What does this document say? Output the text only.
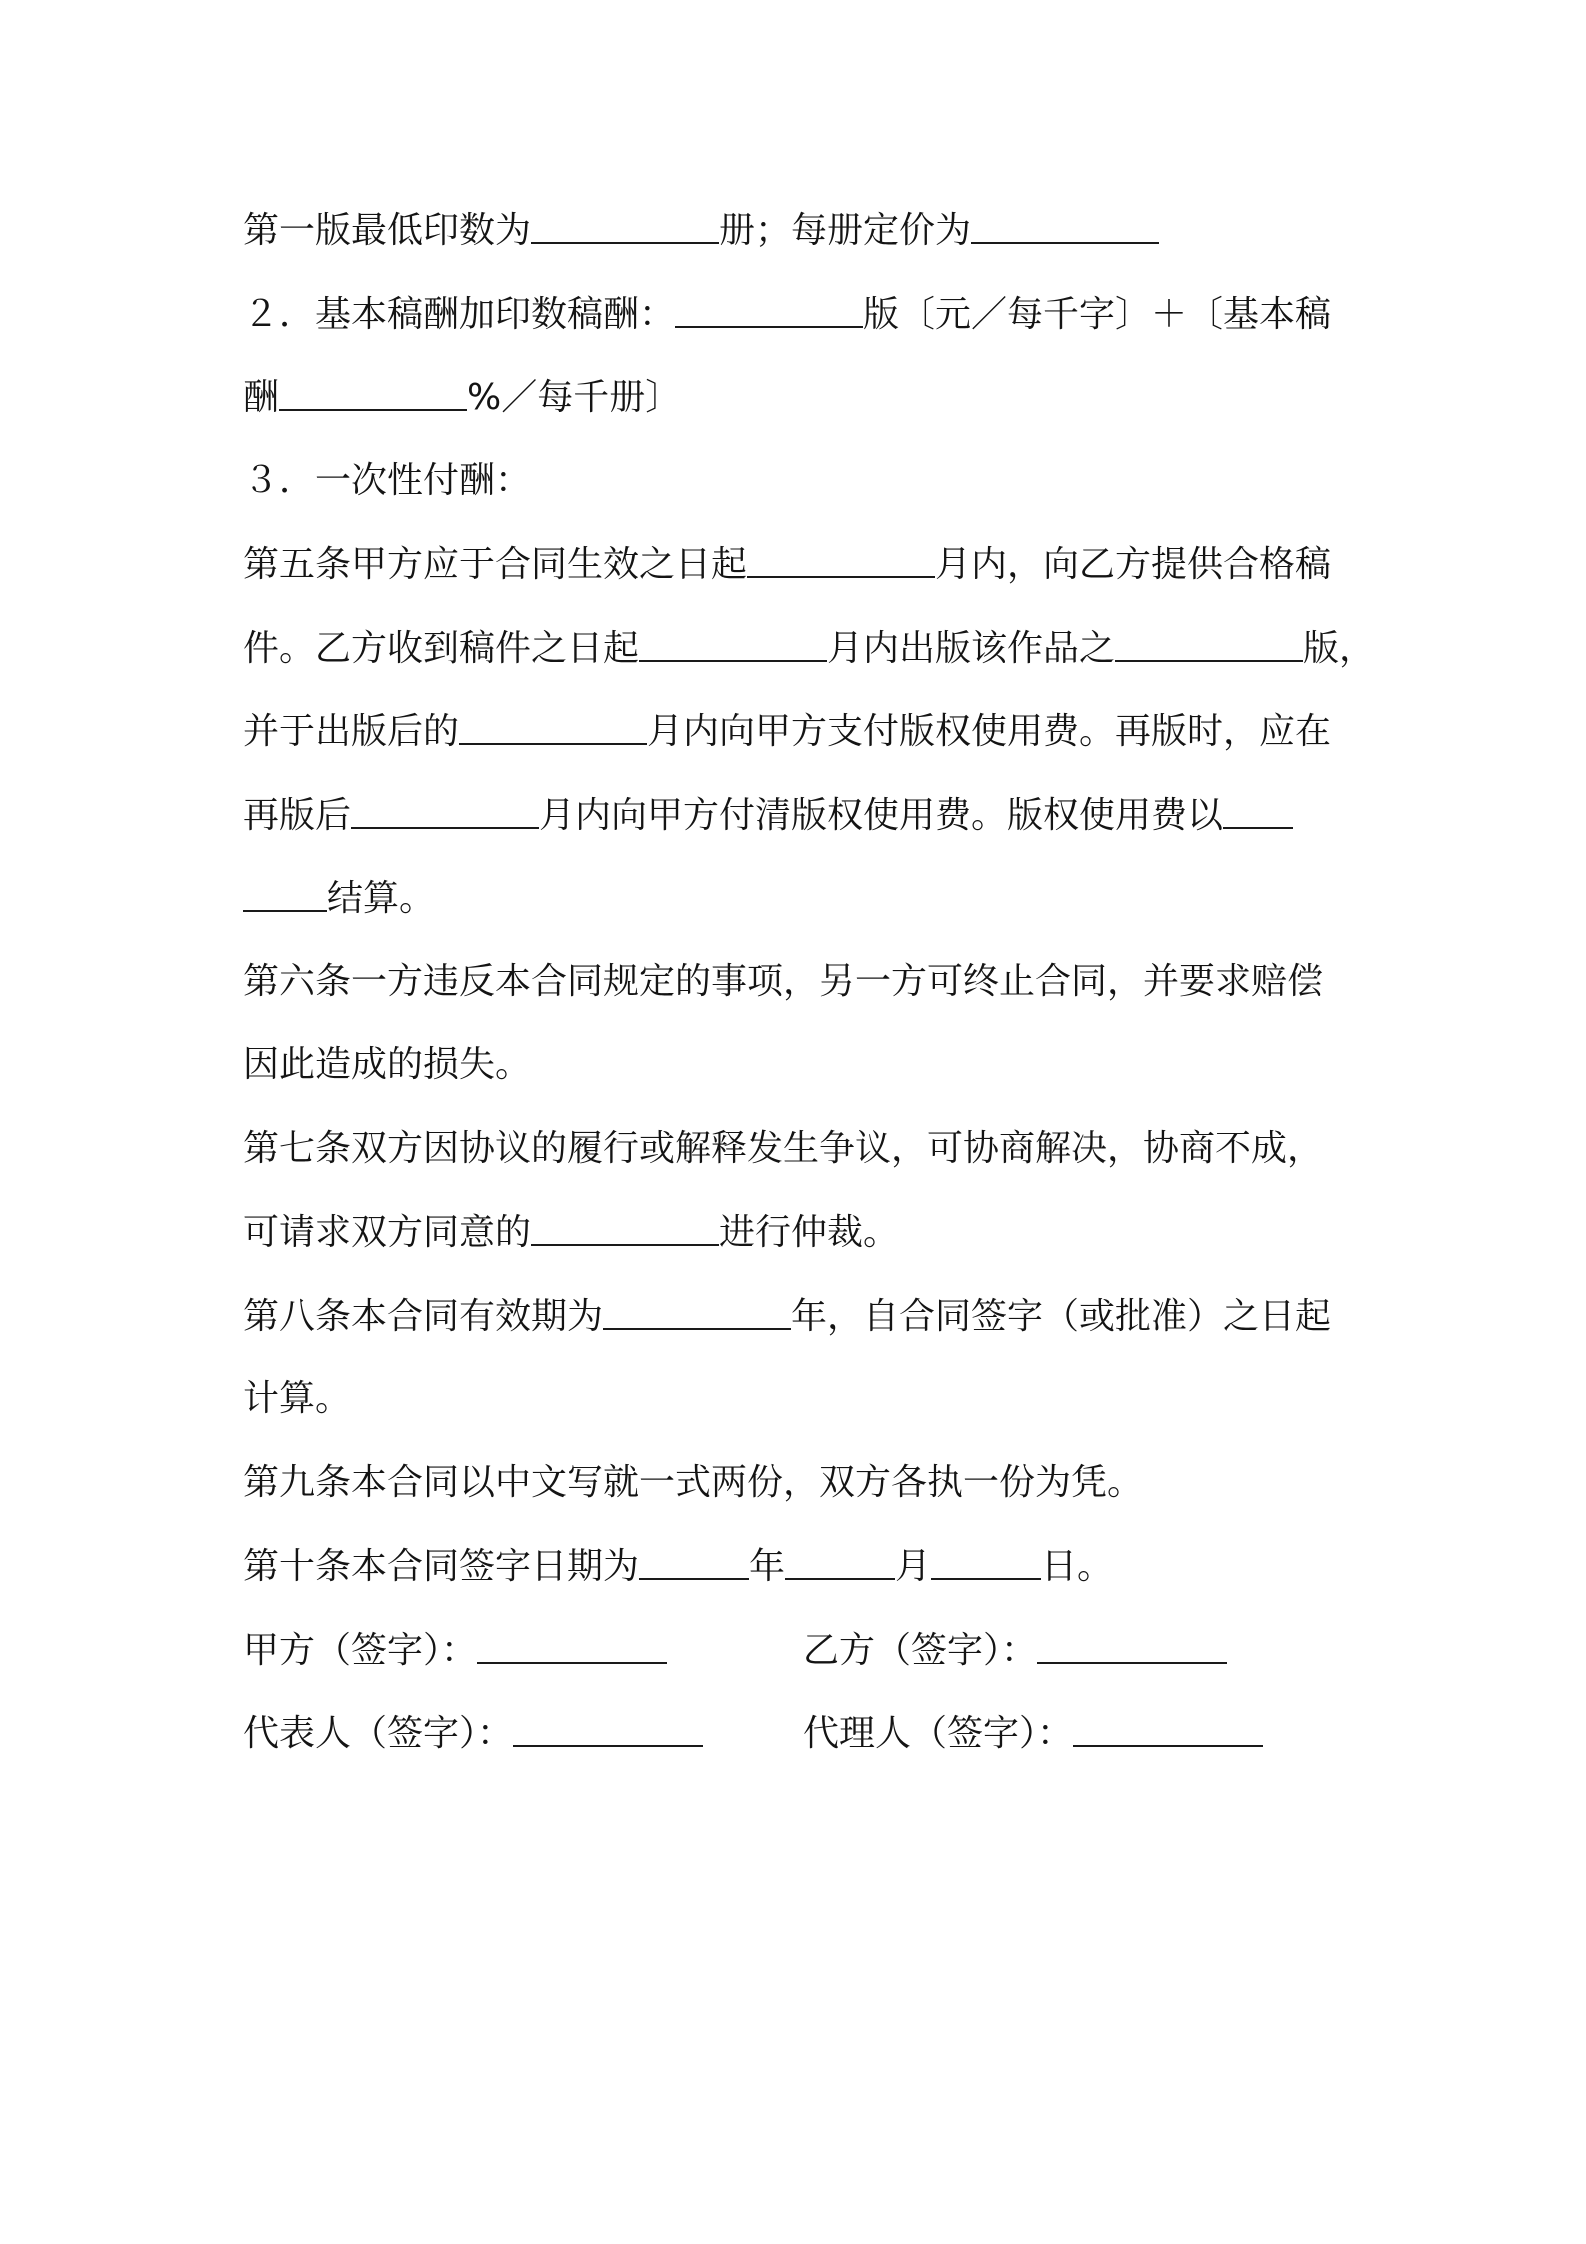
第一版最低印数为	册；每册定价为
２．基本稿酬加印数稿酬：	版〔元／每千字〕＋〔基本稿
酬	%／每千册〕
３．一次性付酬：
第五条甲方应于合同生效之日起	月内，向乙方提供合格稿
件。乙方收到稿件之日起	月内出版该作品之	版，
并于出版后的	月内向甲方支付版权使用费。再版时，应在
再版后	月内向甲方付清版权使用费。版权使用费以
结算。
第六条一方违反本合同规定的事项，另一方可终止合同，并要求赔偿
因此造成的损失。
第七条双方因协议的履行或解释发生争议，可协商解决，协商不成，
可请求双方同意的	进行仲裁。
第八条本合同有效期为	年，自合同签字（或批准）之日起
计算。
第九条本合同以中文写就一式两份，双方各执一份为凭。
第十条本合同签字日期为	年	月	日。
甲方（签字）：	乙方（签字）：
代表人（签字）：	代理人（签字）：
